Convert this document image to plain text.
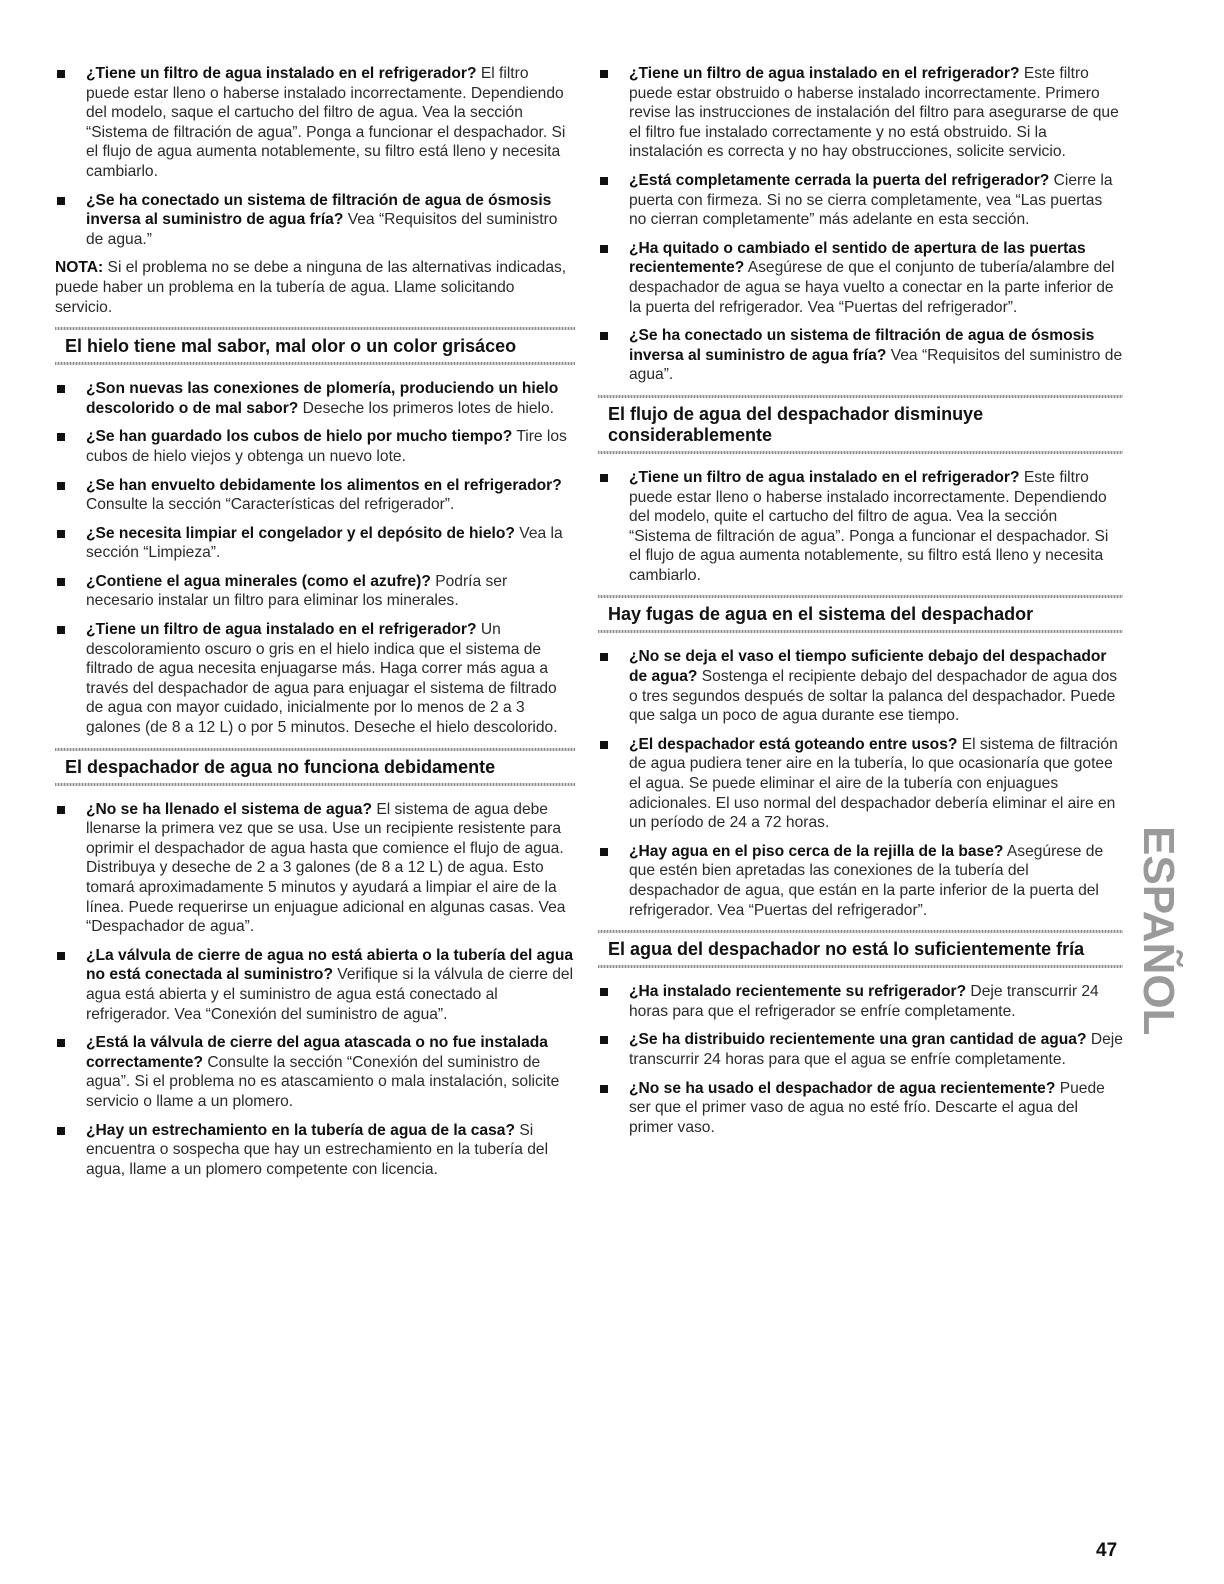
¿Tiene un filtro de agua instalado en el refrigerador? El filtro puede estar lleno o haberse instalado incorrectamente. Dependiendo del modelo, saque el cartucho del filtro de agua. Vea la sección “Sistema de filtración de agua”. Ponga a funcionar el despachador. Si el flujo de agua aumenta notablemente, su filtro está lleno y necesita cambiarlo.
¿Se ha conectado un sistema de filtración de agua de ósmosis inversa al suministro de agua fría? Vea “Requisitos del suministro de agua.”
NOTA: Si el problema no se debe a ninguna de las alternativas indicadas, puede haber un problema en la tubería de agua. Llame solicitando servicio.
El hielo tiene mal sabor, mal olor o un color grisáceo
¿Son nuevas las conexiones de plomería, produciendo un hielo descolorido o de mal sabor? Deseche los primeros lotes de hielo.
¿Se han guardado los cubos de hielo por mucho tiempo? Tire los cubos de hielo viejos y obtenga un nuevo lote.
¿Se han envuelto debidamente los alimentos en el refrigerador? Consulte la sección “Características del refrigerador”.
¿Se necesita limpiar el congelador y el depósito de hielo? Vea la sección “Limpieza”.
¿Contiene el agua minerales (como el azufre)? Podría ser necesario instalar un filtro para eliminar los minerales.
¿Tiene un filtro de agua instalado en el refrigerador? Un descoloramiento oscuro o gris en el hielo indica que el sistema de filtrado de agua necesita enjuagarse más. Haga correr más agua a través del despachador de agua para enjuagar el sistema de filtrado de agua con mayor cuidado, inicialmente por lo menos de 2 a 3 galones (de 8 a 12 L) o por 5 minutos. Deseche el hielo descolorido.
El despachador de agua no funciona debidamente
¿No se ha llenado el sistema de agua? El sistema de agua debe llenarse la primera vez que se usa. Use un recipiente resistente para oprimir el despachador de agua hasta que comience el flujo de agua. Distribuya y deseche de 2 a 3 galones (de 8 a 12 L) de agua. Esto tomará aproximadamente 5 minutos y ayudará a limpiar el aire de la línea. Puede requerirse un enjuague adicional en algunas casas. Vea “Despachador de agua”.
¿La válvula de cierre de agua no está abierta o la tubería del agua no está conectada al suministro? Verifique si la válvula de cierre del agua está abierta y el suministro de agua está conectado al refrigerador. Vea “Conexión del suministro de agua”.
¿Está la válvula de cierre del agua atascada o no fue instalada correctamente? Consulte la sección “Conexión del suministro de agua”. Si el problema no es atascamiento o mala instalación, solicite servicio o llame a un plomero.
¿Hay un estrechamiento en la tubería de agua de la casa? Si encuentra o sospecha que hay un estrechamiento en la tubería del agua, llame a un plomero competente con licencia.
¿Tiene un filtro de agua instalado en el refrigerador? Este filtro puede estar obstruido o haberse instalado incorrectamente. Primero revise las instrucciones de instalación del filtro para asegurarse de que el filtro fue instalado correctamente y no está obstruido. Si la instalación es correcta y no hay obstrucciones, solicite servicio.
¿Está completamente cerrada la puerta del refrigerador? Cierre la puerta con firmeza. Si no se cierra completamente, vea “Las puertas no cierran completamente” más adelante en esta sección.
¿Ha quitado o cambiado el sentido de apertura de las puertas recientemente? Asegúrese de que el conjunto de tubería/alambre del despachador de agua se haya vuelto a conectar en la parte inferior de la puerta del refrigerador. Vea “Puertas del refrigerador”.
¿Se ha conectado un sistema de filtración de agua de ósmosis inversa al suministro de agua fría? Vea “Requisitos del suministro de agua”.
El flujo de agua del despachador disminuye considerablemente
¿Tiene un filtro de agua instalado en el refrigerador? Este filtro puede estar lleno o haberse instalado incorrectamente. Dependiendo del modelo, quite el cartucho del filtro de agua. Vea la sección “Sistema de filtración de agua”. Ponga a funcionar el despachador. Si el flujo de agua aumenta notablemente, su filtro está lleno y necesita cambiarlo.
Hay fugas de agua en el sistema del despachador
¿No se deja el vaso el tiempo suficiente debajo del despachador de agua? Sostenga el recipiente debajo del despachador de agua dos o tres segundos después de soltar la palanca del despachador. Puede que salga un poco de agua durante ese tiempo.
¿El despachador está goteando entre usos? El sistema de filtración de agua pudiera tener aire en la tubería, lo que ocasionaría que gotee el agua. Se puede eliminar el aire de la tubería con enjuagues adicionales. El uso normal del despachador debería eliminar el aire en un período de 24 a 72 horas.
¿Hay agua en el piso cerca de la rejilla de la base? Asegúrese de que estén bien apretadas las conexiones de la tubería del despachador de agua, que están en la parte inferior de la puerta del refrigerador. Vea “Puertas del refrigerador”.
El agua del despachador no está lo suficientemente fría
¿Ha instalado recientemente su refrigerador? Deje transcurrir 24 horas para que el refrigerador se enfríe completamente.
¿Se ha distribuido recientemente una gran cantidad de agua? Deje transcurrir 24 horas para que el agua se enfríe completamente.
¿No se ha usado el despachador de agua recientemente? Puede ser que el primer vaso de agua no esté frío. Descarte el agua del primer vaso.
ESPAÑOL
47
